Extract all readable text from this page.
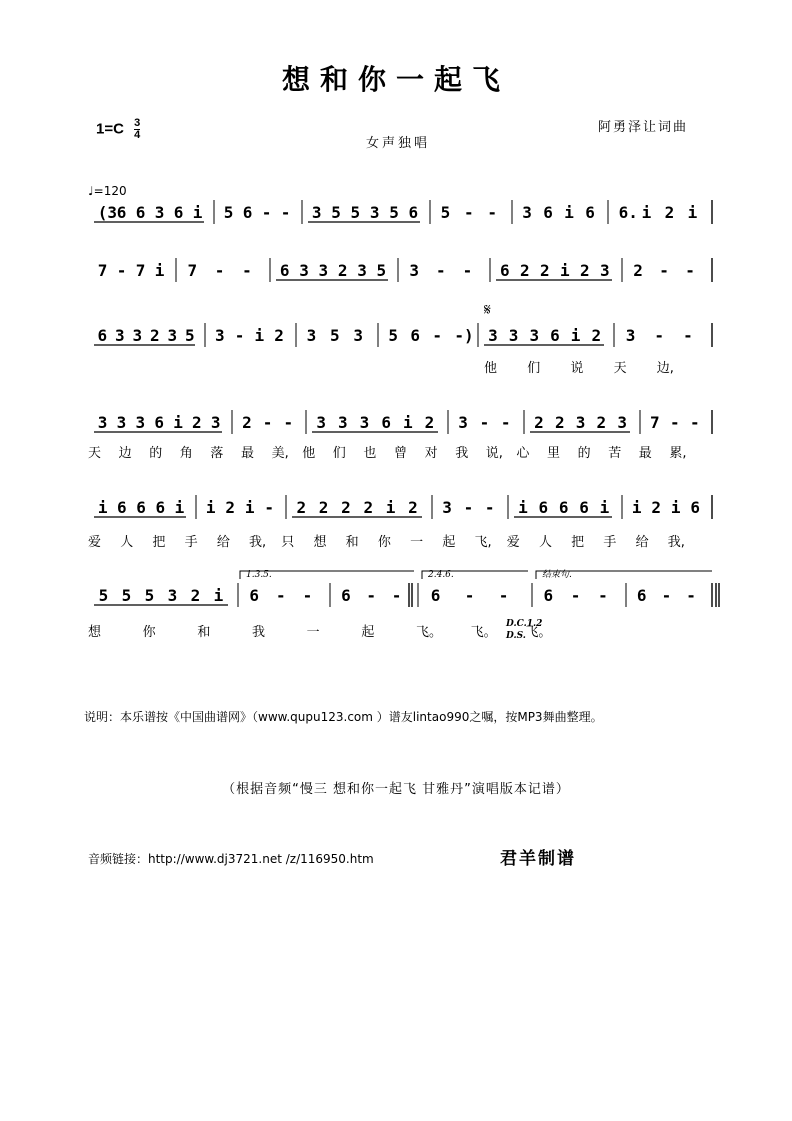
想和你一起飞
$1=C \frac{3}{4}$	阿勇泽让词曲
女声独唱
♩=120
(3 6 6 3 6 i 5 6 - - 3 5 5 3 5 6 5 - - 3 6 i 6 6. i 2 i
7 - 7 i 7 - - 6 3 3 2 3 5 3 - - 6 2 2 i 2 3 2 - -
6 3 3 2 3 5 3 - i 2 3 5 3 5 6 - -) 3 3 3 6 i 2 3 - -
𝄋
他 们 说 天 边,
3 3 3 6 i 2 3 2 - - 3 3 3 6 i 2 3 - - 2 2 3 2 3 7 - -
天 边 的 角 落 最 美, 他 们 也 曾 对 我 说, 心 里 的 苦 最 累,
i 6 6 6 i i 2 i - 2 2 2 2 i 2 3 - - i 6 6 6 i i 2 i 6
爱 人 把 手 给 我, 只 想 和 你 一 起 飞, 爱 人 把 手 给 我,
5 5 5 3 2 i 6 - - 6 - - 6 - - 6 - - 6 - -
1.3.5.	2.4.6.	结束句.
D.C.1.2
D.S.
想	你	和	我	一	起	飞。 飞。 飞。
说明：本乐谱按《中国曲谱网》（www.qupu123.com ）谱友lintao990之嘱，按MP3舞曲整理。
（根据音频“慢三 想和你一起飞 甘雅丹”演唱版本记谱）
音频链接：http://www.dj3721.net /z/116950.htm	君羊制谱
